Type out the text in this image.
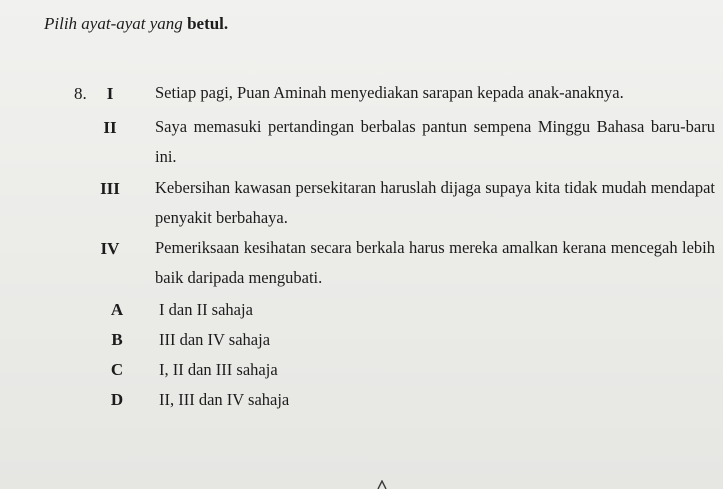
Pilih ayat-ayat yang betul.
8.	I	Setiap pagi, Puan Aminah menyediakan sarapan kepada anak-anaknya.
II	Saya memasuki pertandingan berbalas pantun sempena Minggu Bahasa baru-baru ini.
III	Kebersihan kawasan persekitaran haruslah dijaga supaya kita tidak mudah mendapat penyakit berbahaya.
IV	Pemeriksaan kesihatan secara berkala harus mereka amalkan kerana mencegah lebih baik daripada mengubati.
A	I dan II sahaja
B	III dan IV sahaja
C	I, II dan III sahaja
D	II, III dan IV sahaja
